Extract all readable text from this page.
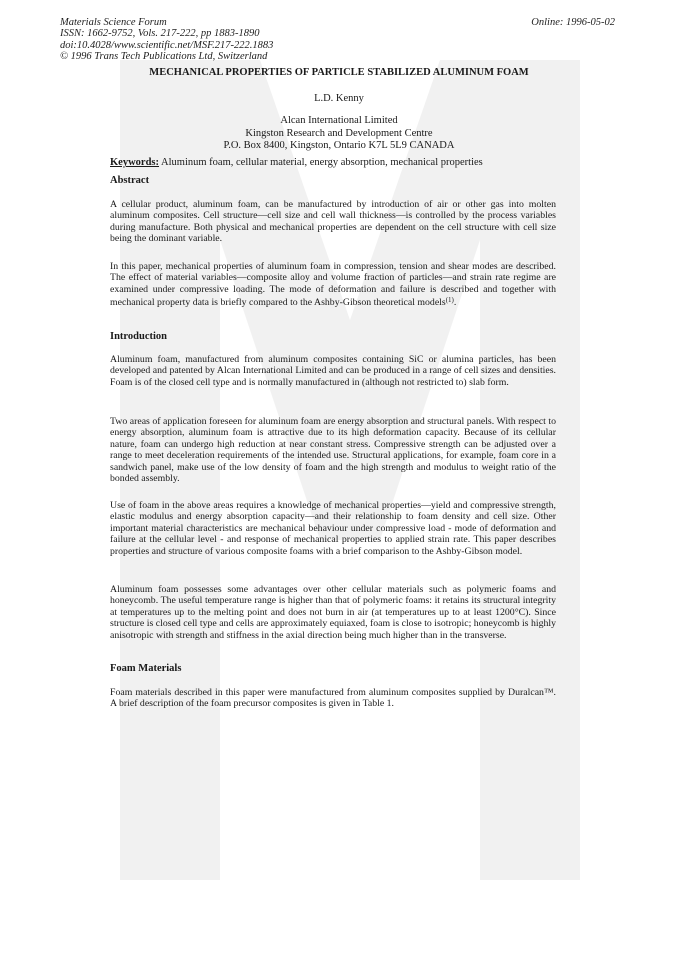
Materials Science Forum
ISSN: 1662-9752, Vols. 217-222, pp 1883-1890
doi:10.4028/www.scientific.net/MSF.217-222.1883
© 1996 Trans Tech Publications Ltd, Switzerland
Online: 1996-05-02
MECHANICAL PROPERTIES OF PARTICLE STABILIZED ALUMINUM FOAM
L.D. Kenny
Alcan International Limited
Kingston Research and Development Centre
P.O. Box 8400, Kingston, Ontario K7L 5L9 CANADA
Keywords: Aluminum foam, cellular material, energy absorption, mechanical properties
Abstract

A cellular product, aluminum foam, can be manufactured by introduction of air or other gas into molten aluminum composites. Cell structure—cell size and cell wall thickness—is controlled by the process variables during manufacture. Both physical and mechanical properties are dependent on the cell structure with cell size being the dominant variable.

In this paper, mechanical properties of aluminum foam in compression, tension and shear modes are described. The effect of material variables—composite alloy and volume fraction of particles—and strain rate regime are examined under compressive loading. The mode of deformation and failure is described and together with mechanical property data is briefly compared to the Ashby-Gibson theoretical models$^{(1)}$.

Introduction

Aluminum foam, manufactured from aluminum composites containing SiC or alumina particles, has been developed and patented by Alcan International Limited and can be produced in a range of cell sizes and densities. Foam is of the closed cell type and is normally manufactured in (although not restricted to) slab form.

Two areas of application foreseen for aluminum foam are energy absorption and structural panels. With respect to energy absorption, aluminum foam is attractive due to its high deformation capacity. Because of its cellular nature, foam can undergo high reduction at near constant stress. Compressive strength can be adjusted over a range to meet deceleration requirements of the intended use. Structural applications, for example, foam core in a sandwich panel, make use of the low density of foam and the high strength and modulus to weight ratio of the bonded assembly.

Use of foam in the above areas requires a knowledge of mechanical properties—yield and compressive strength, elastic modulus and energy absorption capacity—and their relationship to foam density and cell size. Other important material characteristics are mechanical behaviour under compressive load - mode of deformation and failure at the cellular level - and response of mechanical properties to applied strain rate. This paper describes properties and structure of various composite foams with a brief comparison to the Ashby-Gibson model.

Aluminum foam possesses some advantages over other cellular materials such as polymeric foams and honeycomb. The useful temperature range is higher than that of polymeric foams: it retains its structural integrity at temperatures up to the melting point and does not burn in air (at temperatures up to at least 1200°C). Since structure is closed cell type and cells are approximately equiaxed, foam is close to isotropic; honeycomb is highly anisotropic with strength and stiffness in the axial direction being much higher than in the transverse.

Foam Materials

Foam materials described in this paper were manufactured from aluminum composites supplied by Duralcan™. A brief description of the foam precursor composites is given in Table 1.
